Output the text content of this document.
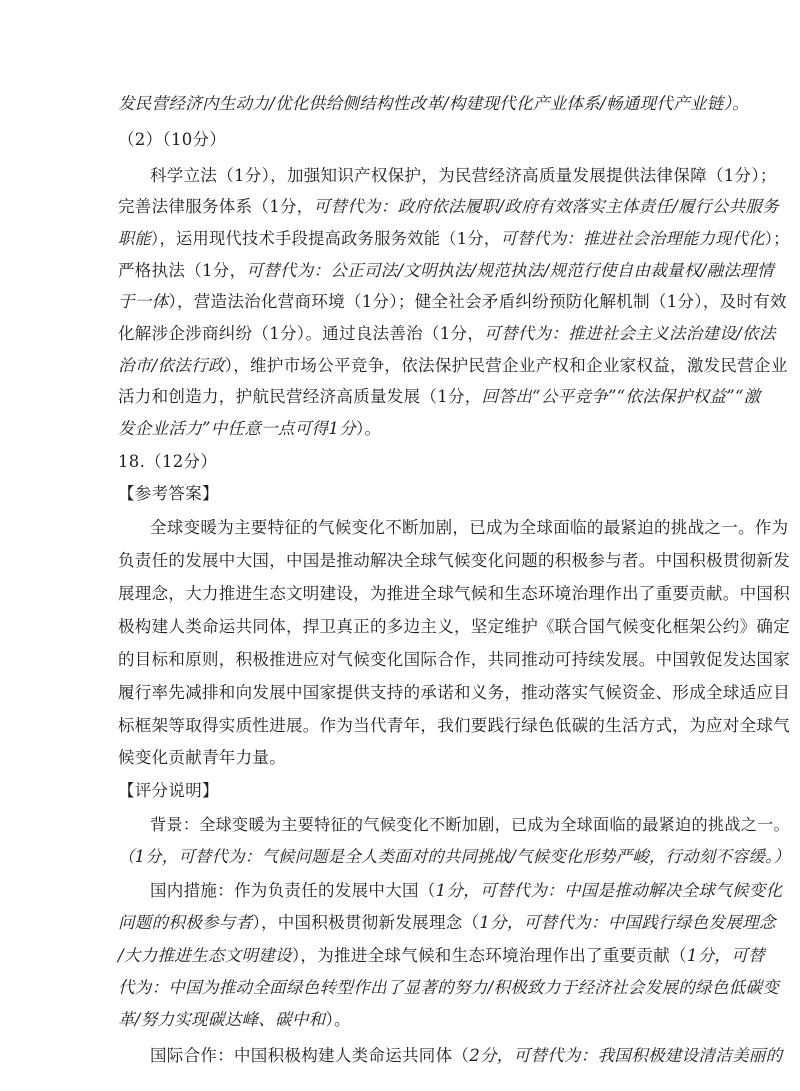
发民营经济内生动力/优化供给侧结构性改革/构建现代化产业体系/畅通现代产业链）。
（2）（10分）
科学立法（1分），加强知识产权保护，为民营经济高质量发展提供法律保障（1分）；
完善法律服务体系（1分，可替代为：政府依法履职/政府有效落实主体责任/履行公共服务
职能），运用现代技术手段提高政务服务效能（1分，可替代为：推进社会治理能力现代化）；
严格执法（1分，可替代为：公正司法/文明执法/规范执法/规范行使自由裁量权/融法理情
于一体），营造法治化营商环境（1分）；健全社会矛盾纠纷预防化解机制（1分），及时有效
化解涉企涉商纠纷（1分）。通过良法善治（1分，可替代为：推进社会主义法治建设/依法
治市/依法行政），维护市场公平竞争，依法保护民营企业产权和企业家权益，激发民营企业
活力和创造力，护航民营经济高质量发展（1分，回答出“公平竞争”“依法保护权益”“激
发企业活力”中任意一点可得1分）。
18.（12分）
【参考答案】
全球变暖为主要特征的气候变化不断加剧，已成为全球面临的最紧迫的挑战之一。作为
负责任的发展中大国，中国是推动解决全球气候变化问题的积极参与者。中国积极贯彻新发
展理念，大力推进生态文明建设，为推进全球气候和生态环境治理作出了重要贡献。中国积
极构建人类命运共同体，捍卫真正的多边主义，坚定维护《联合国气候变化框架公约》确定
的目标和原则，积极推进应对气候变化国际合作，共同推动可持续发展。中国敦促发达国家
履行率先减排和向发展中国家提供支持的承诺和义务，推动落实气候资金、形成全球适应目
标框架等取得实质性进展。作为当代青年，我们要践行绿色低碳的生活方式，为应对全球气
候变化贡献青年力量。
【评分说明】
背景：全球变暖为主要特征的气候变化不断加剧，已成为全球面临的最紧迫的挑战之一。
（1分，可替代为：气候问题是全人类面对的共同挑战/气候变化形势严峻，行动刻不容缓。）
国内措施：作为负责任的发展中大国（1分，可替代为：中国是推动解决全球气候变化
问题的积极参与者），中国积极贯彻新发展理念（1分，可替代为：中国践行绿色发展理念
/大力推进生态文明建设），为推进全球气候和生态环境治理作出了重要贡献（1分，可替
代为：中国为推动全面绿色转型作出了显著的努力/积极致力于经济社会发展的绿色低碳变
革/努力实现碳达峰、碳中和）。
国际合作：中国积极构建人类命运共同体（2分，可替代为：我国积极建设清洁美丽的
